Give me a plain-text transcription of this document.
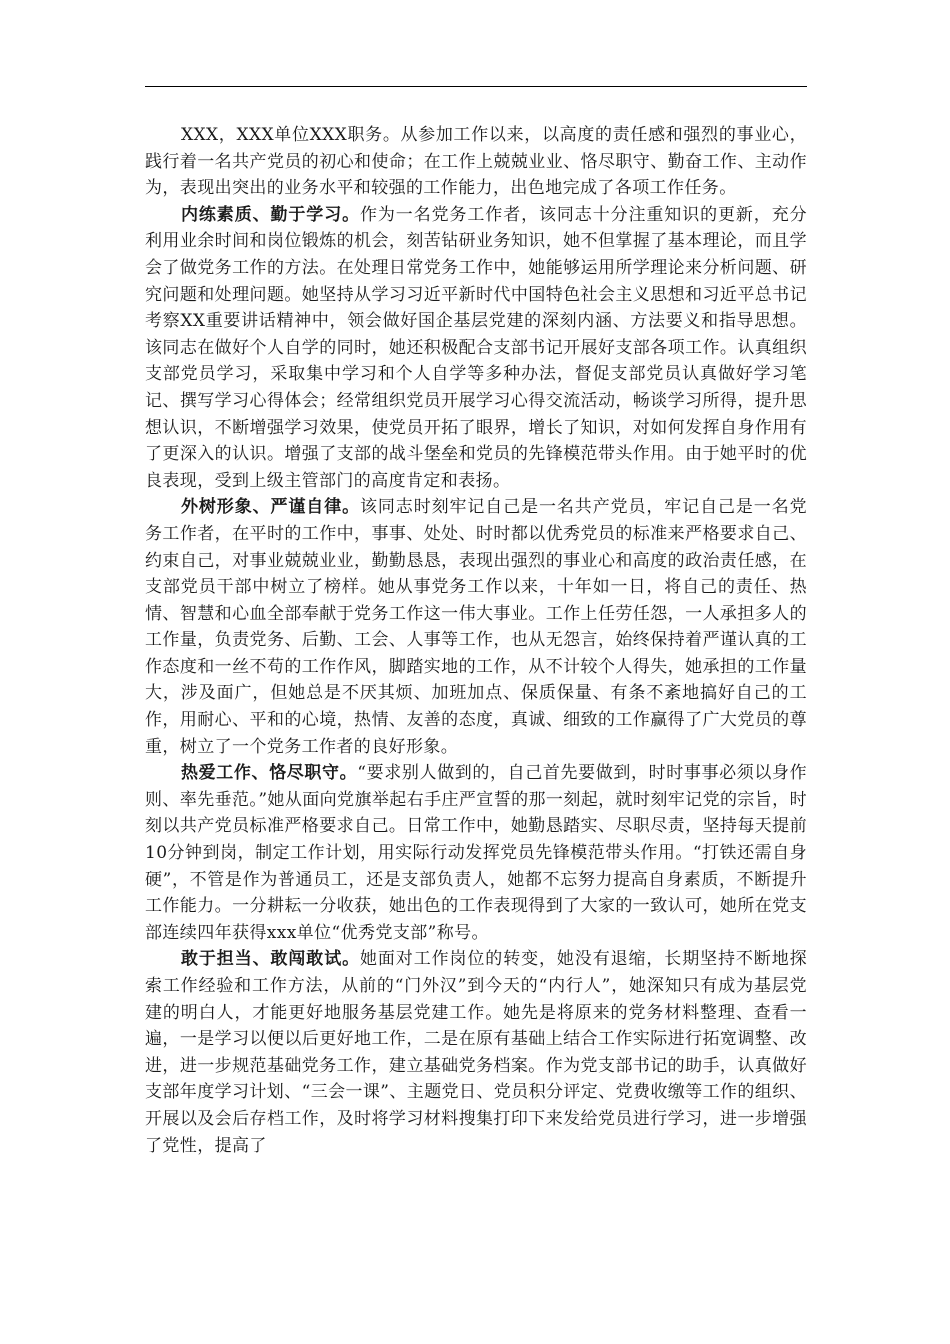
XXX，XXX单位XXX职务。从参加工作以来，以高度的责任感和强烈的事业心，践行着一名共产党员的初心和使命；在工作上兢兢业业、恪尽职守、勤奋工作、主动作为，表现出突出的业务水平和较强的工作能力，出色地完成了各项工作任务。

内练素质、勤于学习。作为一名党务工作者，该同志十分注重知识的更新，充分利用业余时间和岗位锻炼的机会，刻苦钻研业务知识，她不但掌握了基本理论，而且学会了做党务工作的方法。在处理日常党务工作中，她能够运用所学理论来分析问题、研究问题和处理问题。她坚持从学习习近平新时代中国特色社会主义思想和习近平总书记考察XX重要讲话精神中，领会做好国企基层党建的深刻内涵、方法要义和指导思想。该同志在做好个人自学的同时，她还积极配合支部书记开展好支部各项工作。认真组织支部党员学习，采取集中学习和个人自学等多种办法，督促支部党员认真做好学习笔记、撰写学习心得体会；经常组织党员开展学习心得交流活动，畅谈学习所得，提升思想认识，不断增强学习效果，使党员开拓了眼界，增长了知识，对如何发挥自身作用有了更深入的认识。增强了支部的战斗堡垒和党员的先锋模范带头作用。由于她平时的优良表现，受到上级主管部门的高度肯定和表扬。

外树形象、严谨自律。该同志时刻牢记自己是一名共产党员，牢记自己是一名党务工作者，在平时的工作中，事事、处处、时时都以优秀党员的标准来严格要求自己、约束自己，对事业兢兢业业，勤勤恳恳，表现出强烈的事业心和高度的政治责任感，在支部党员干部中树立了榜样。她从事党务工作以来，十年如一日，将自己的责任、热情、智慧和心血全部奉献于党务工作这一伟大事业。工作上任劳任怨，一人承担多人的工作量，负责党务、后勤、工会、人事等工作，也从无怨言，始终保持着严谨认真的工作态度和一丝不苟的工作作风，脚踏实地的工作，从不计较个人得失，她承担的工作量大，涉及面广，但她总是不厌其烦、加班加点、保质保量、有条不紊地搞好自己的工作，用耐心、平和的心境，热情、友善的态度，真诚、细致的工作赢得了广大党员的尊重，树立了一个党务工作者的良好形象。

热爱工作、恪尽职守。“要求别人做到的，自己首先要做到，时时事事必须以身作则、率先垂范。”她从面向党旗举起右手庄严宣誓的那一刻起，就时刻牢记党的宗旨，时刻以共产党员标准严格要求自己。日常工作中，她勤恳踏实、尽职尽责，坚持每天提前10分钟到岗，制定工作计划，用实际行动发挥党员先锋模范带头作用。“打铁还需自身硬”，不管是作为普通员工，还是支部负责人，她都不忘努力提高自身素质，不断提升工作能力。一分耕耘一分收获，她出色的工作表现得到了大家的一致认可，她所在党支部连续四年获得xxx单位“优秀党支部”称号。

敢于担当、敢闯敢试。她面对工作岗位的转变，她没有退缩，长期坚持不断地探索工作经验和工作方法，从前的“门外汉”到今天的“内行人”，她深知只有成为基层党建的明白人，才能更好地服务基层党建工作。她先是将原来的党务材料整理、查看一遍，一是学习以便以后更好地工作，二是在原有基础上结合工作实际进行拓宽调整、改进，进一步规范基础党务工作，建立基础党务档案。作为党支部书记的助手，认真做好支部年度学习计划、“三会一课”、主题党日、党员积分评定、党费收缴等工作的组织、开展以及会后存档工作，及时将学习材料搜集打印下来发给党员进行学习，进一步增强了党性，提高了
